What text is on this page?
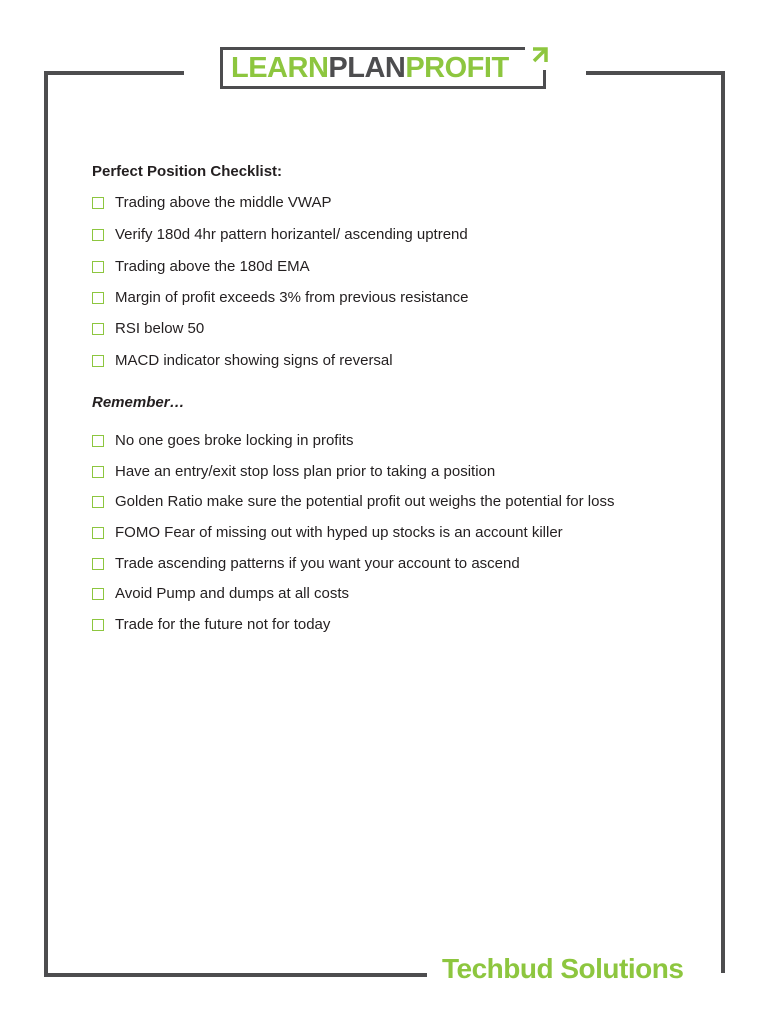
LEARNPLANPROFIT
Perfect Position Checklist:
Trading above the middle VWAP
Verify 180d 4hr pattern horizantel/ ascending uptrend
Trading above the 180d EMA
Margin of profit exceeds 3% from previous resistance
RSI below 50
MACD indicator showing signs of reversal
Remember…
No one goes broke locking in profits
Have an entry/exit stop loss plan prior to taking a position
Golden Ratio make sure the potential profit out weighs the potential for loss
FOMO Fear of missing out with hyped up stocks is an account killer
Trade ascending patterns if you want your account to ascend
Avoid Pump and dumps at all costs
Trade for the future not for today
Techbud Solutions
